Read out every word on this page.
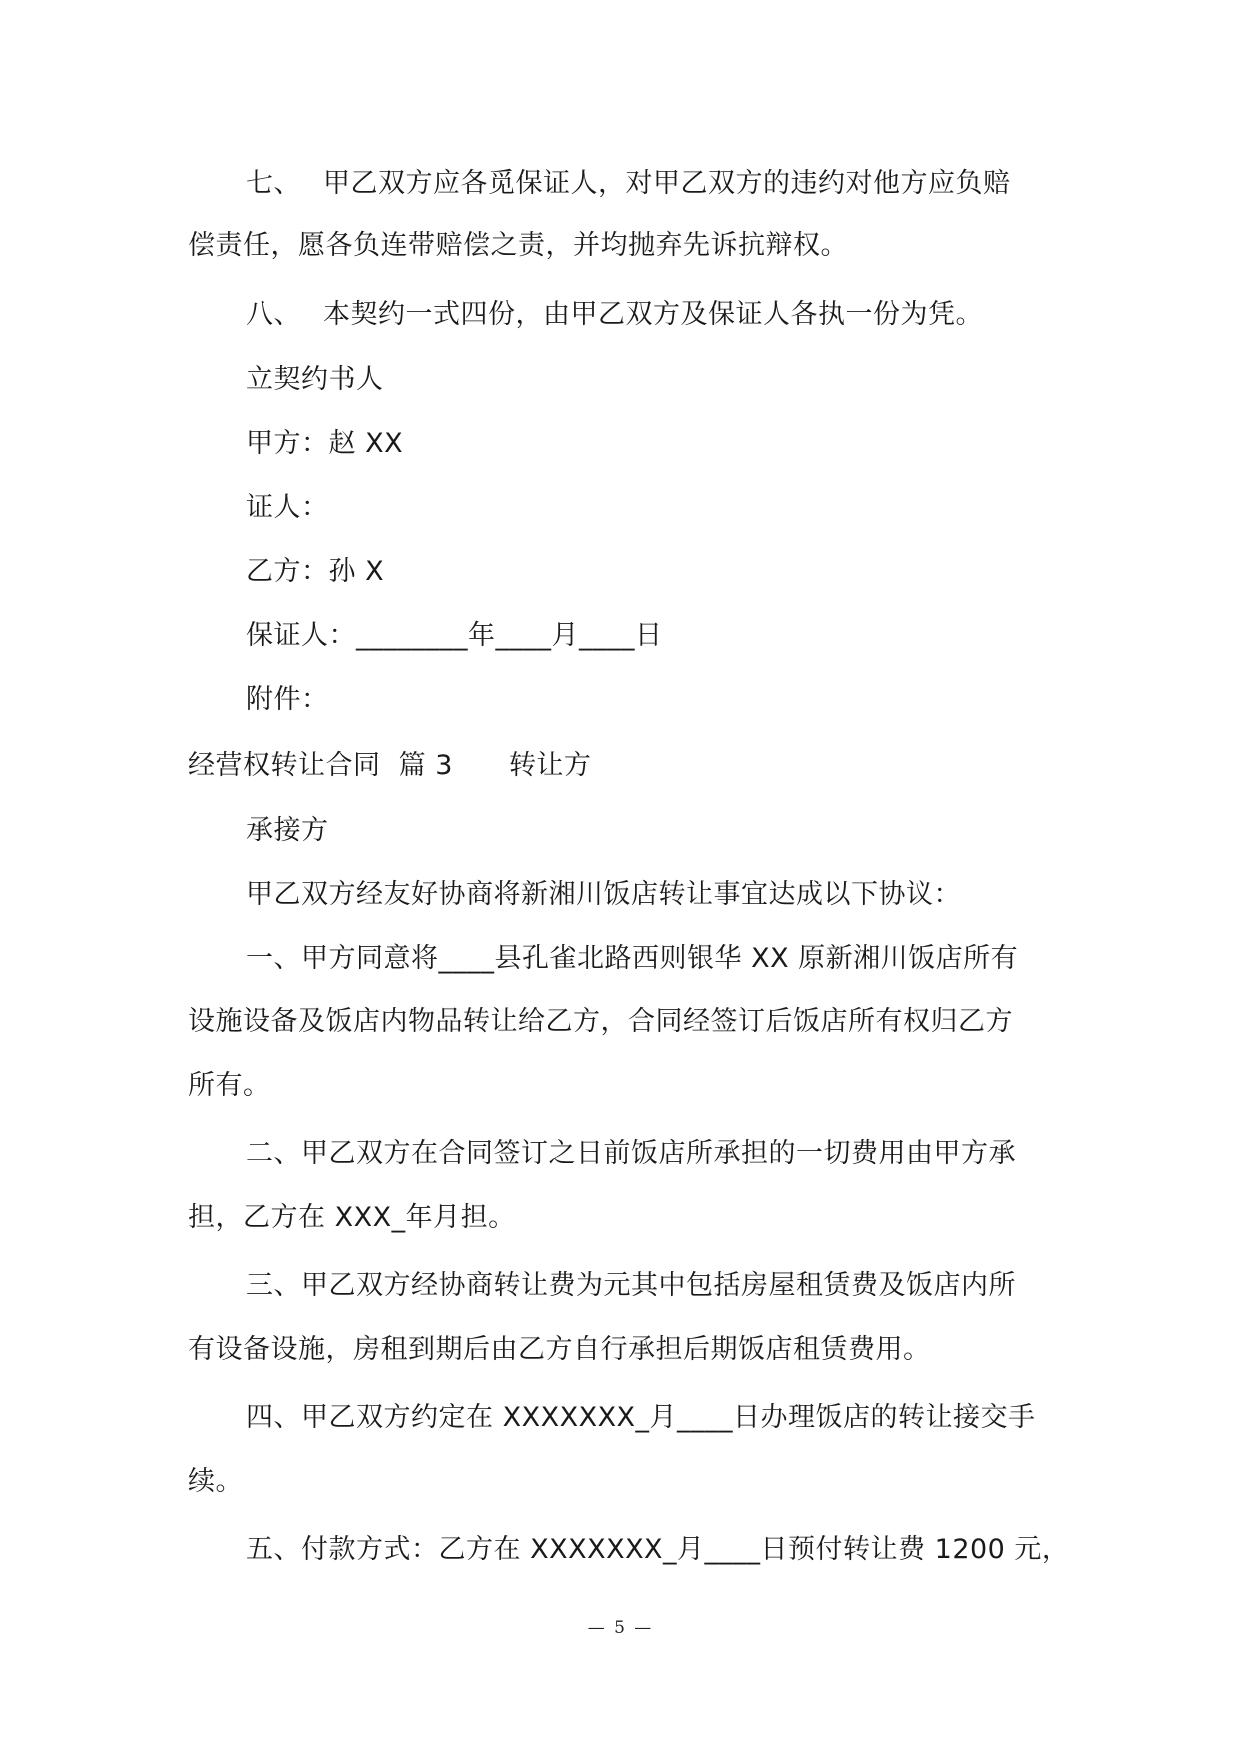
七、 甲乙双方应各觅保证人，对甲乙双方的违约对他方应负赔
偿责任，愿各负连带赔偿之责，并均抛弃先诉抗辩权。
八、 本契约一式四份，由甲乙双方及保证人各执一份为凭。
立契约书人
甲方：赵 XX
证人：
乙方：孙 X
保证人：________年____月____日
附件：
经营权转让合同 篇 3 转让方
承接方
甲乙双方经友好协商将新湘川饭店转让事宜达成以下协议：
一、甲方同意将____县孔雀北路西则银华 XX 原新湘川饭店所有
设施设备及饭店内物品转让给乙方，合同经签订后饭店所有权归乙方
所有。
二、甲乙双方在合同签订之日前饭店所承担的一切费用由甲方承
担，乙方在 XXX_年月担。
三、甲乙双方经协商转让费为元其中包括房屋租赁费及饭店内所
有设备设施，房租到期后由乙方自行承担后期饭店租赁费用。
四、甲乙双方约定在 XXXXXXX_月____日办理饭店的转让接交手
续。
五、付款方式：乙方在 XXXXXXX_月____日预付转让费 1200 元，
— 5 —
